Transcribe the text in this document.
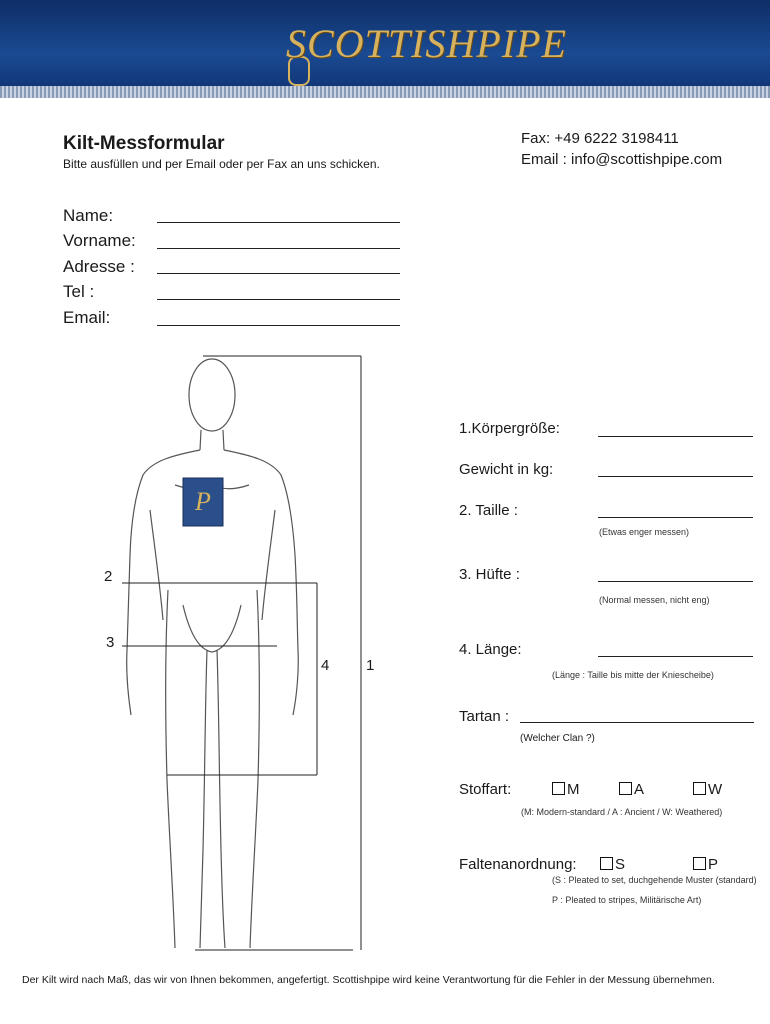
SCOTTISHPIPE
Kilt-Messformular
Bitte ausfüllen und per Email oder per Fax an uns schicken.
Fax: +49 6222 3198411
Email : info@scottishpipe.com
Name:
Vorname:
Adresse :
Tel :
Email:
P
2
3
4 1
1.Körpergröße:
Gewicht in kg:
2. Taille :
(Etwas enger messen)
3. Hüfte :
(Normal messen, nicht eng)
4. Länge:
(Länge : Taille bis mitte der Kniescheibe)
Tartan :
(Welcher Clan ?)
Stoffart:	M	A	W
(M: Modern-standard / A : Ancient / W: Weathered)
Faltenanordnung:	S	P
(S : Pleated to set, duchgehende Muster (standard)
P : Pleated to stripes, Militärische Art)
Der Kilt wird nach Maß, das wir von Ihnen bekommen, angefertigt. Scottishpipe wird keine Verantwortung für die Fehler in der Messung übernehmen.
